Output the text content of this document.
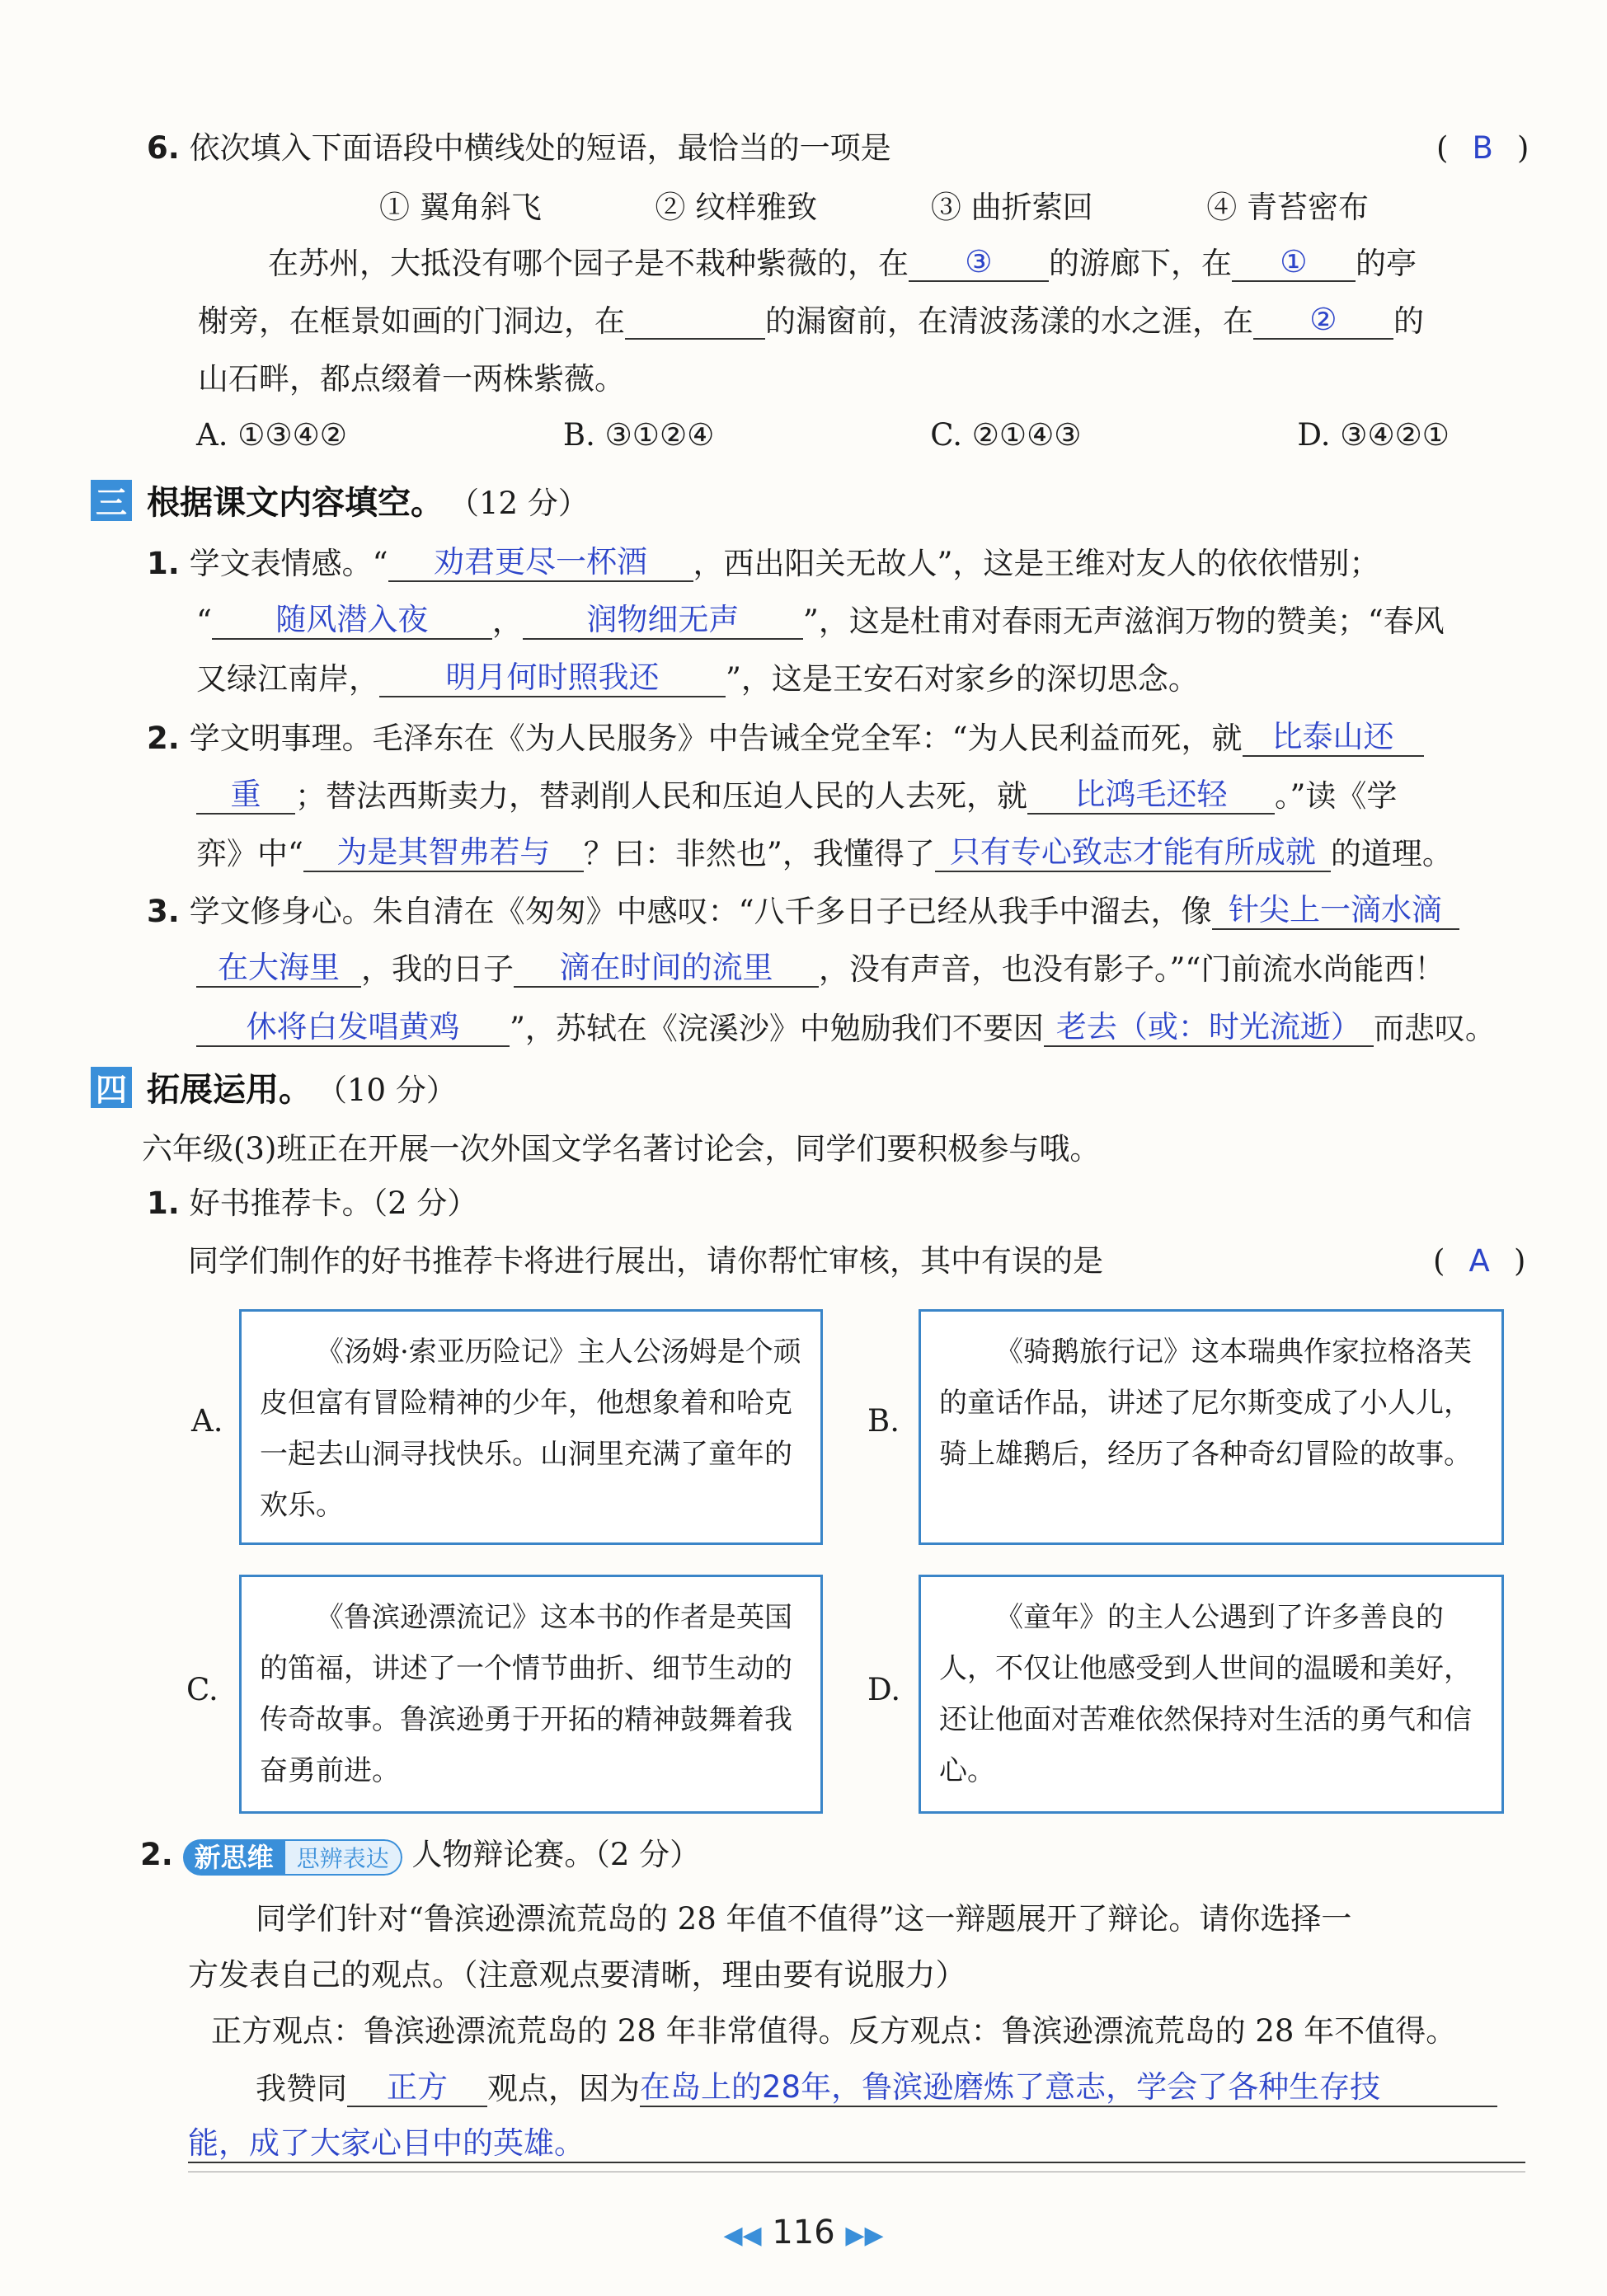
6. 依次填入下面语段中横线处的短语，最恰当的一项是	( B )
① 翼角斜飞	② 纹样雅致	③ 曲折萦回	④ 青苔密布
在苏州，大抵没有哪个园子是不栽种紫薇的，在 ③ 的游廊下，在 ① 的亭
榭旁，在框景如画的门洞边，在	的漏窗前，在清波荡漾的水之涯，在 ② 的
山石畔，都点缀着一两株紫薇。
A. ①③④②	B. ③①②④	C. ②①④③	D. ③④②①
三 根据课文内容填空。 （12 分）
1. 学文表情感。“ 劝君更尽一杯酒 ，西出阳关无故人”，这是王维对友人的依依惜别；
“ 随风潜入夜 ， 润物细无声 ”，这是杜甫对春雨无声滋润万物的赞美；“春风
又绿江南岸， 明月何时照我还 ”，这是王安石对家乡的深切思念。
2. 学文明事理。毛泽东在《为人民服务》中告诫全党全军：“为人民利益而死，就 比泰山还
重 ；替法西斯卖力，替剥削人民和压迫人民的人去死，就 比鸿毛还轻 。”读《学
弈》中“ 为是其智弗若与 ？曰：非然也”，我懂得了 只有专心致志才能有所成就 的道理。
3. 学文修身心。朱自清在《匆匆》中感叹：“八千多日子已经从我手中溜去，像 针尖上一滴水滴
在大海里 ，我的日子 滴在时间的流里 ，没有声音，也没有影子。”“门前流水尚能西！
休将白发唱黄鸡 ”，苏轼在《浣溪沙》中勉励我们不要因 老去（或：时光流逝） 而悲叹。
四 拓展运用。 （10 分）
六年级(3)班正在开展一次外国文学名著讨论会，同学们要积极参与哦。
1. 好书推荐卡。（2 分）
同学们制作的好书推荐卡将进行展出，请你帮忙审核，其中有误的是	( A )
A.
《汤姆·索亚历险记》主人公汤姆是个顽皮但富有冒险精神的少年，他想象着和哈克一起去山洞寻找快乐。山洞里充满了童年的欢乐。
B.
《骑鹅旅行记》这本瑞典作家拉格洛芙的童话作品，讲述了尼尔斯变成了小人儿，骑上雄鹅后，经历了各种奇幻冒险的故事。
C.
《鲁滨逊漂流记》这本书的作者是英国的笛福，讲述了一个情节曲折、细节生动的传奇故事。鲁滨逊勇于开拓的精神鼓舞着我奋勇前进。
D.
《童年》的主人公遇到了许多善良的人，不仅让他感受到人世间的温暖和美好，还让他面对苦难依然保持对生活的勇气和信心。
2. 新思维	思辨表达 人物辩论赛。（2 分）
同学们针对“鲁滨逊漂流荒岛的 28 年值不值得”这一辩题展开了辩论。请你选择一
方发表自己的观点。（注意观点要清晰，理由要有说服力）
正方观点：鲁滨逊漂流荒岛的 28 年非常值得。反方观点：鲁滨逊漂流荒岛的 28 年不值得。
我赞同 正方 观点，因为在岛上的28年，鲁滨逊磨炼了意志，学会了各种生存技
能，成了大家心目中的英雄。
◀◀ 116 ▶▶
